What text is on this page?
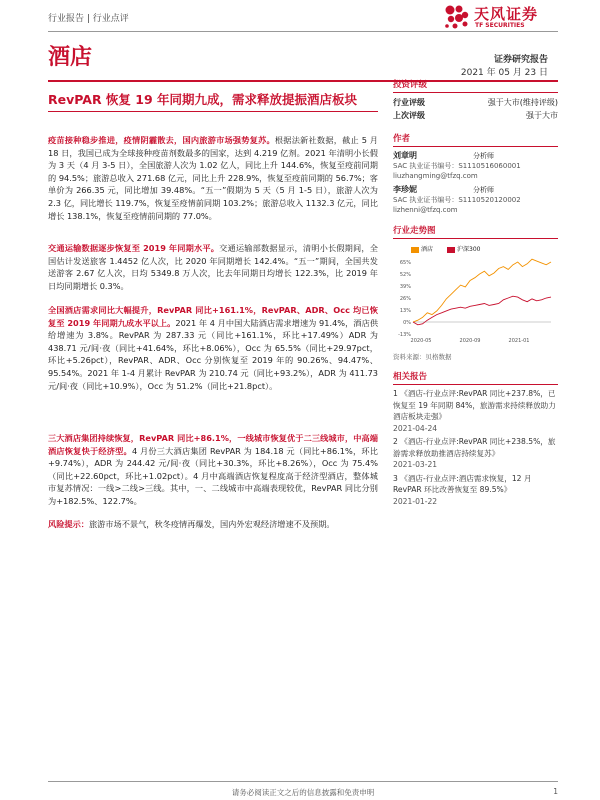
行业报告 | 行业点评	天风证券
TF SECURITIES
酒店	证券研究报告
2021 年 05 月 23 日
RevPAR 恢复 19 年同期九成，需求释放提振酒店板块
疫苗接种稳步推进，疫情阴霾散去，国内旅游市场强势复苏。根据法新社数据，截止 5 月 18 日，我国已成为全球接种疫苗剂数最多的国家，达到 4.219 亿剂。2021 年清明小长假为 3 天（4 月 3-5 日），全国旅游人次为 1.02 亿人，同比上升 144.6%，恢复至疫前同期的 94.5%；旅游总收入 271.68 亿元，同比上升 228.9%，恢复至疫前同期的 56.7%；客单价为 266.35 元，同比增加 39.48%。“五一”假期为 5 天（5 月 1-5 日），旅游人次为 2.3 亿，同比增长 119.7%，恢复至疫情前同期 103.2%；旅游总收入 1132.3 亿元，同比增长 138.1%，恢复至疫情前同期的 77.0%。
交通运输数据逐步恢复至 2019 年同期水平。交通运输部数据显示，清明小长假期间，全国估计发送旅客 1.4452 亿人次，比 2020 年同期增长 142.4%。“五一”期间，全国共发送游客 2.67 亿人次，日均 5349.8 万人次，比去年同期日均增长 122.3%，比 2019 年日均同期增长 0.3%。
全国酒店需求同比大幅提升，RevPAR 同比+161.1%，RevPAR、ADR、Occ 均已恢复至 2019 年同期九成水平以上。2021 年 4 月中国大陆酒店需求增速为 91.4%，酒店供给增速为 3.8%。RevPAR 为 287.33 元（同比+161.1%，环比+17.49%）ADR 为 438.71 元/间·夜（同比+41.64%，环比+8.06%），Occ 为 65.5%（同比+29.97pct，环比+5.26pct），RevPAR、ADR、Occ 分别恢复至 2019 年的 90.26%、94.47%、95.54%。2021 年 1-4 月累计 RevPAR 为 210.74 元（同比+93.2%），ADR 为 411.73 元/间·夜（同比+10.9%），Occ 为 51.2%（同比+21.8pct）。
三大酒店集团持续恢复，RevPAR 同比+86.1%，一线城市恢复优于二三线城市，中高端酒店恢复快于经济型。4 月份三大酒店集团 RevPAR 为 184.18 元（同比+86.1%，环比+9.74%），ADR 为 244.42 元/间·夜（同比+30.3%，环比+8.26%），Occ 为 75.4%（同比+22.60pct，环比+1.02pct）。4 月中高端酒店恢复程度高于经济型酒店，整体城市复苏情况：一线>二线>三线。其中，一、二线城市中高端表现较优，RevPAR 同比分别为+182.5%、122.7%。
风险提示：旅游市场不景气，秋冬疫情再爆发，国内外宏观经济增速不及预期。
投资评级
行业评级	强于大市(维持评级)
上次评级	强于大市
作者
刘章明	分析师
SAC 执业证书编号：S1110516060001
liuzhangming@tfzq.com
李珍妮	分析师
SAC 执业证书编号：S1110520120002
lizhenni@tfzq.com
行业走势图
酒店	沪深300
65%
52%
39%
26%
13%
0%
-13%
2020-05	2020-09	2021-01
资料来源：贝格数据
相关报告
1 《酒店-行业点评:RevPAR 同比+237.8%，已恢复至 19 年同期 84%，旅游需求持续释放助力酒店板块走强》
2021-04-24
2 《酒店-行业点评:RevPAR 同比+238.5%，旅游需求释放助推酒店持续复苏》
2021-03-21
3 《酒店-行业点评:酒店需求恢复，12 月 RevPAR 环比改善恢复至 89.5%》
2021-01-22
请务必阅读正文之后的信息披露和免责申明	1
